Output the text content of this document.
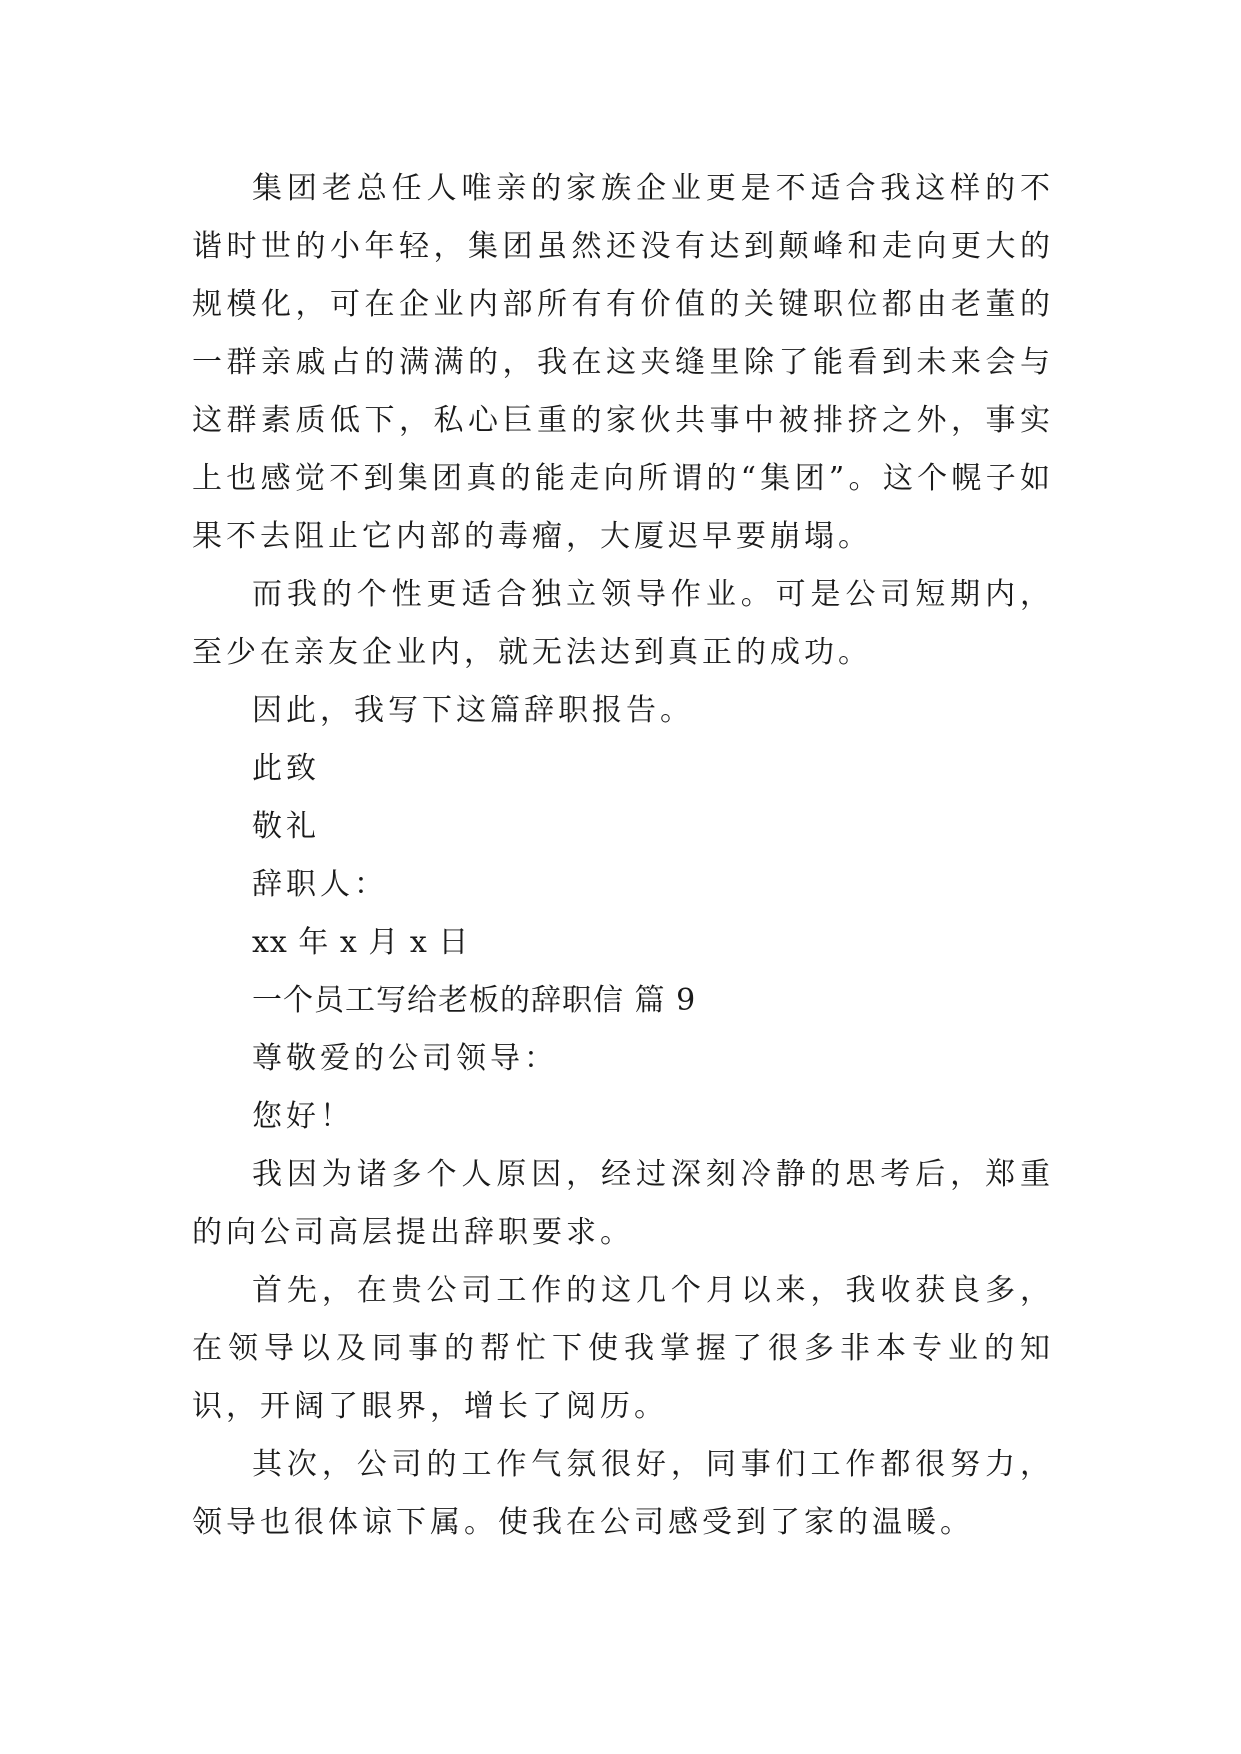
集团老总任人唯亲的家族企业更是不适合我这样的不谐时世的小年轻，集团虽然还没有达到颠峰和走向更大的规模化，可在企业内部所有有价值的关键职位都由老董的一群亲戚占的满满的，我在这夹缝里除了能看到未来会与这群素质低下，私心巨重的家伙共事中被排挤之外，事实上也感觉不到集团真的能走向所谓的“集团”。这个幌子如果不去阻止它内部的毒瘤，大厦迟早要崩塌。

而我的个性更适合独立领导作业。可是公司短期内，至少在亲友企业内，就无法达到真正的成功。

因此，我写下这篇辞职报告。

此致

敬礼

辞职人：

xx 年 x 月 x 日

一个员工写给老板的辞职信 篇 9

尊敬爱的公司领导：

您好！

我因为诸多个人原因，经过深刻冷静的思考后，郑重的向公司高层提出辞职要求。

首先，在贵公司工作的这几个月以来，我收获良多，在领导以及同事的帮忙下使我掌握了很多非本专业的知识，开阔了眼界，增长了阅历。

其次，公司的工作气氛很好，同事们工作都很努力，领导也很体谅下属。使我在公司感受到了家的温暖。
